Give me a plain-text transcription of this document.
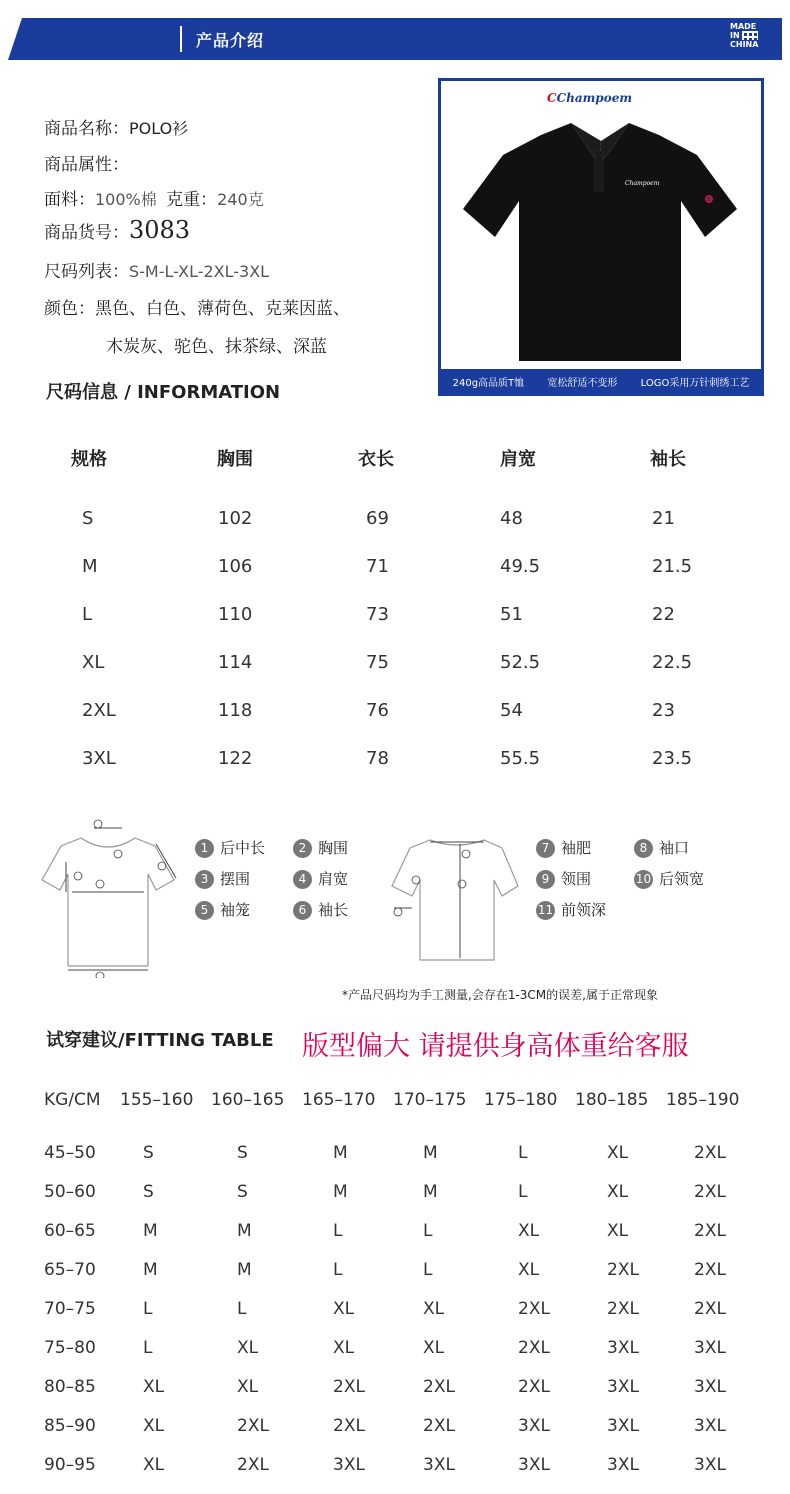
产品介绍
MADE
IN
CHINA
商品名称：POLO衫
商品属性：
面料：100%棉 克重：240克
商品货号：3083
尺码列表：S-M-L-XL-2XL-3XL
颜色：黑色、白色、薄荷色、克莱因蓝、
木炭灰、驼色、抹茶绿、深蓝
CChampoem
Champoem
240g高品质T恤 宽松舒适不变形 LOGO采用万针刺绣工艺
尺码信息 / INFORMATION
规格	胸围	衣长	肩宽	袖长
S	102	69	48	21
M	106	71	49.5	21.5
L	110	73	51	22
XL	114	75	52.5	22.5
2XL	118	76	54	23
3XL	122	78	55.5	23.5
1 后中长	2 胸围
3 摆围	4 肩宽
5 袖笼	6 袖长
7 袖肥	8 袖口
9 领围	10 后领宽
11 前领深
*产品尺码均为手工测量,会存在1-3CM的误差,属于正常现象
试穿建议/FITTING TABLE 版型偏大 请提供身高体重给客服
KG/CM 155–160 160–165 165–170 170–175 175–180 180–185 185–190
45–50	S	S	M	M	L	XL	2XL
50–60	S	S	M	M	L	XL	2XL
60–65	M	M	L	L	XL	XL	2XL
65–70	M	M	L	L	XL	2XL	2XL
70–75	L	L	XL	XL	2XL	2XL	2XL
75–80	L	XL	XL	XL	2XL	3XL	3XL
80–85	XL	XL	2XL	2XL	2XL	3XL	3XL
85–90	XL	2XL	2XL	2XL	3XL	3XL	3XL
90–95	XL	2XL	3XL	3XL	3XL	3XL	3XL
